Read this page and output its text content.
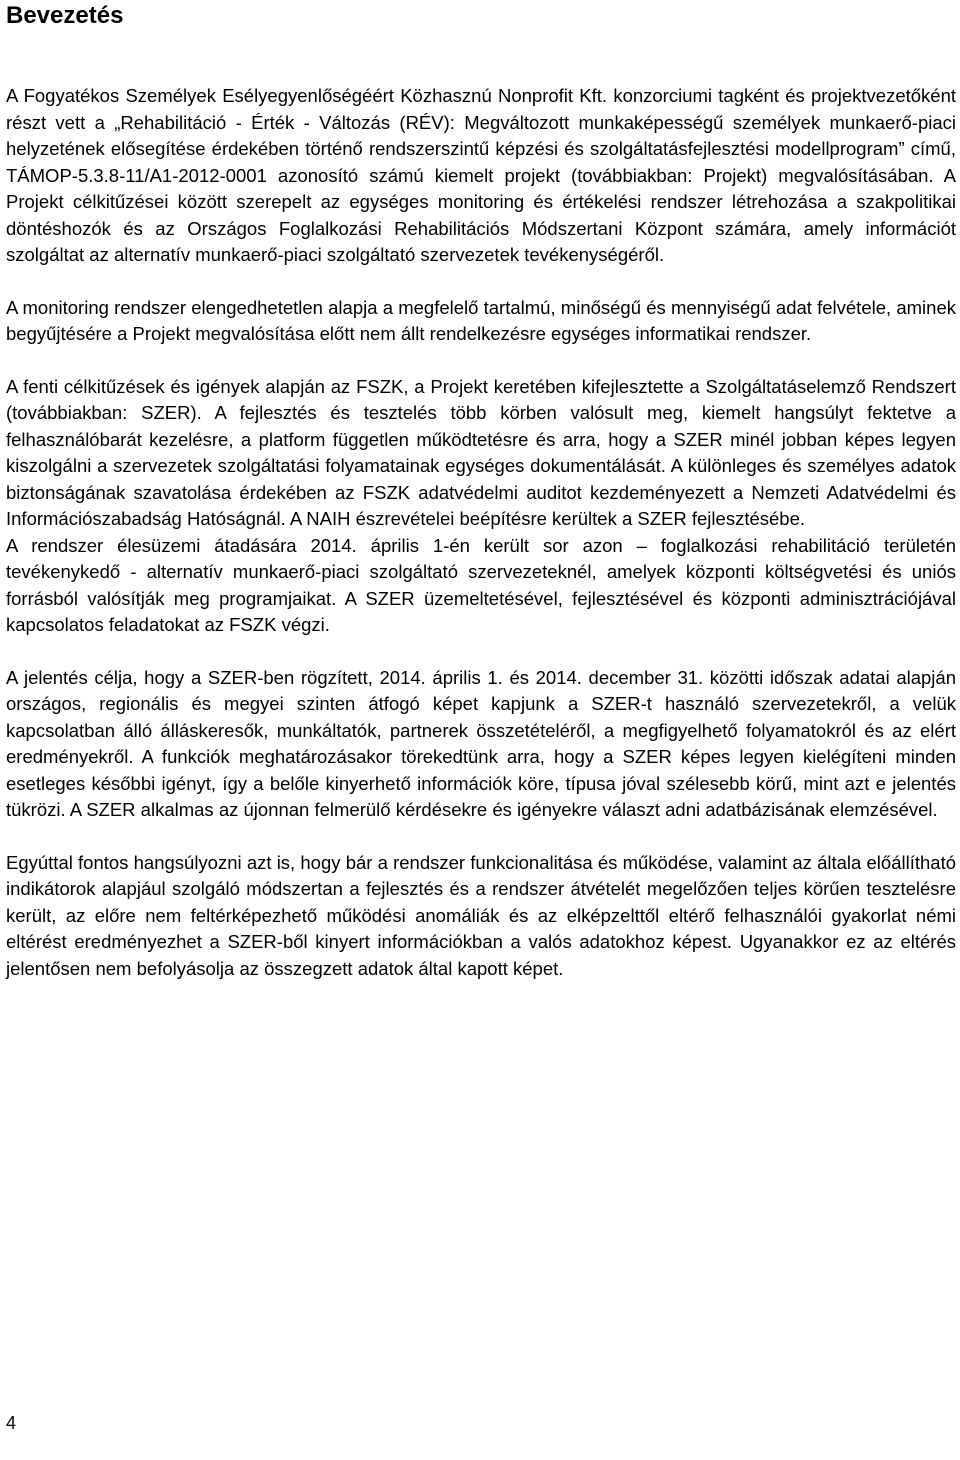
Bevezetés

A Fogyatékos Személyek Esélyegyenlőségéért Közhasznú Nonprofit Kft. konzorciumi tagként és projektvezetőként részt vett a „Rehabilitáció - Érték - Változás (RÉV): Megváltozott munkaképességű személyek munkaerő-piaci helyzetének elősegítése érdekében történő rendszerszintű képzési és szolgáltatásfejlesztési modellprogram” című, TÁMOP-5.3.8-11/A1-2012-0001 azonosító számú kiemelt projekt (továbbiakban: Projekt) megvalósításában. A Projekt célkitűzései között szerepelt az egységes monitoring és értékelési rendszer létrehozása a szakpolitikai döntéshozók és az Országos Foglalkozási Rehabilitációs Módszertani Központ számára, amely információt szolgáltat az alternatív munkaerő-piaci szolgáltató szervezetek tevékenységéről.

A monitoring rendszer elengedhetetlen alapja a megfelelő tartalmú, minőségű és mennyiségű adat felvétele, aminek begyűjtésére a Projekt megvalósítása előtt nem állt rendelkezésre egységes informatikai rendszer.

A fenti célkitűzések és igények alapján az FSZK, a Projekt keretében kifejlesztette a Szolgáltatáselemző Rendszert (továbbiakban: SZER). A fejlesztés és tesztelés több körben valósult meg, kiemelt hangsúlyt fektetve a felhasználóbarát kezelésre, a platform független működtetésre és arra, hogy a SZER minél jobban képes legyen kiszolgálni a szervezetek szolgáltatási folyamatainak egységes dokumentálását. A különleges és személyes adatok biztonságának szavatolása érdekében az FSZK adatvédelmi auditot kezdeményezett a Nemzeti Adatvédelmi és Információszabadság Hatóságnál. A NAIH észrevételei beépítésre kerültek a SZER fejlesztésébe.

A rendszer élesüzemi átadására 2014. április 1-én került sor azon – foglalkozási rehabilitáció területén tevékenykedő - alternatív munkaerő-piaci szolgáltató szervezeteknél, amelyek központi költségvetési és uniós forrásból valósítják meg programjaikat. A SZER üzemeltetésével, fejlesztésével és központi adminisztrációjával kapcsolatos feladatokat az FSZK végzi.

A jelentés célja, hogy a SZER-ben rögzített, 2014. április 1. és 2014. december 31. közötti időszak adatai alapján országos, regionális és megyei szinten átfogó képet kapjunk a SZER-t használó szervezetekről, a velük kapcsolatban álló álláskeresők, munkáltatók, partnerek összetételéről, a megfigyelhető folyamatokról és az elért eredményekről. A funkciók meghatározásakor törekedtünk arra, hogy a SZER képes legyen kielégíteni minden esetleges későbbi igényt, így a belőle kinyerhető információk köre, típusa jóval szélesebb körű, mint azt e jelentés tükrözi. A SZER alkalmas az újonnan felmerülő kérdésekre és igényekre választ adni adatbázisának elemzésével.

Egyúttal fontos hangsúlyozni azt is, hogy bár a rendszer funkcionalitása és működése, valamint az általa előállítható indikátorok alapjául szolgáló módszertan a fejlesztés és a rendszer átvételét megelőzően teljes körűen tesztelésre került, az előre nem feltérképezhető működési anomáliák és az elképzelttől eltérő felhasználói gyakorlat némi eltérést eredményezhet a SZER-ből kinyert információkban a valós adatokhoz képest. Ugyanakkor ez az eltérés jelentősen nem befolyásolja az összegzett adatok által kapott képet.

4
